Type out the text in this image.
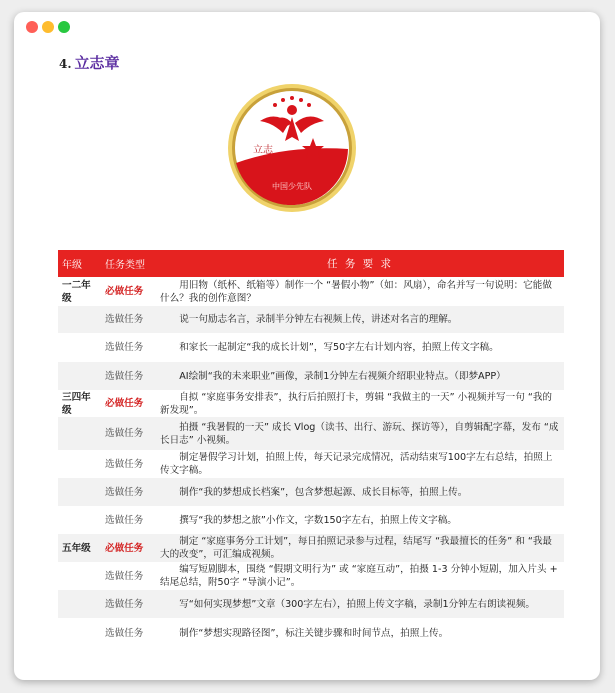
4. 立志章
立志
中国少先队
年级	任务类型	任 务 要 求
一二年级	必做任务	用旧物（纸杯、纸箱等）制作一个 “暑假小物”（如：风扇），命名并写一句说明：它能做什么？我的创作意图？
	选做任务	说一句励志名言，录制半分钟左右视频上传，讲述对名言的理解。
	选做任务	和家长一起制定“我的成长计划”，写50字左右计划内容，拍照上传文字稿。
	选做任务	AI绘制“我的未来职业”画像，录制1分钟左右视频介绍职业特点。（即梦APP）
三四年级	必做任务	自拟 “家庭事务安排表”，执行后拍照打卡，剪辑 “我做主的一天” 小视频并写一句 “我的新发现”。
	选做任务	拍摄 “我暑假的一天” 成长 Vlog（读书、出行、游玩、探访等），自剪辑配字幕，发布 “成长日志” 小视频。
	选做任务	制定暑假学习计划，拍照上传，每天记录完成情况，活动结束写100字左右总结，拍照上传文字稿。
	选做任务	制作“我的梦想成长档案”，包含梦想起源、成长目标等，拍照上传。
	选做任务	撰写“我的梦想之旅”小作文，字数150字左右，拍照上传文字稿。
五年级	必做任务	制定 “家庭事务分工计划”，每日拍照记录参与过程，结尾写 “我最擅长的任务” 和 “我最大的改变”，可汇编成视频。
	选做任务	编写短剧脚本，围绕 “假期文明行为” 或 “家庭互动”，拍摄 1-3 分钟小短剧，加入片头 + 结尾总结，附50字 “导演小记”。
	选做任务	写“如何实现梦想”文章（300字左右），拍照上传文字稿，录制1分钟左右朗读视频。
	选做任务	制作“梦想实现路径图”，标注关键步骤和时间节点，拍照上传。
